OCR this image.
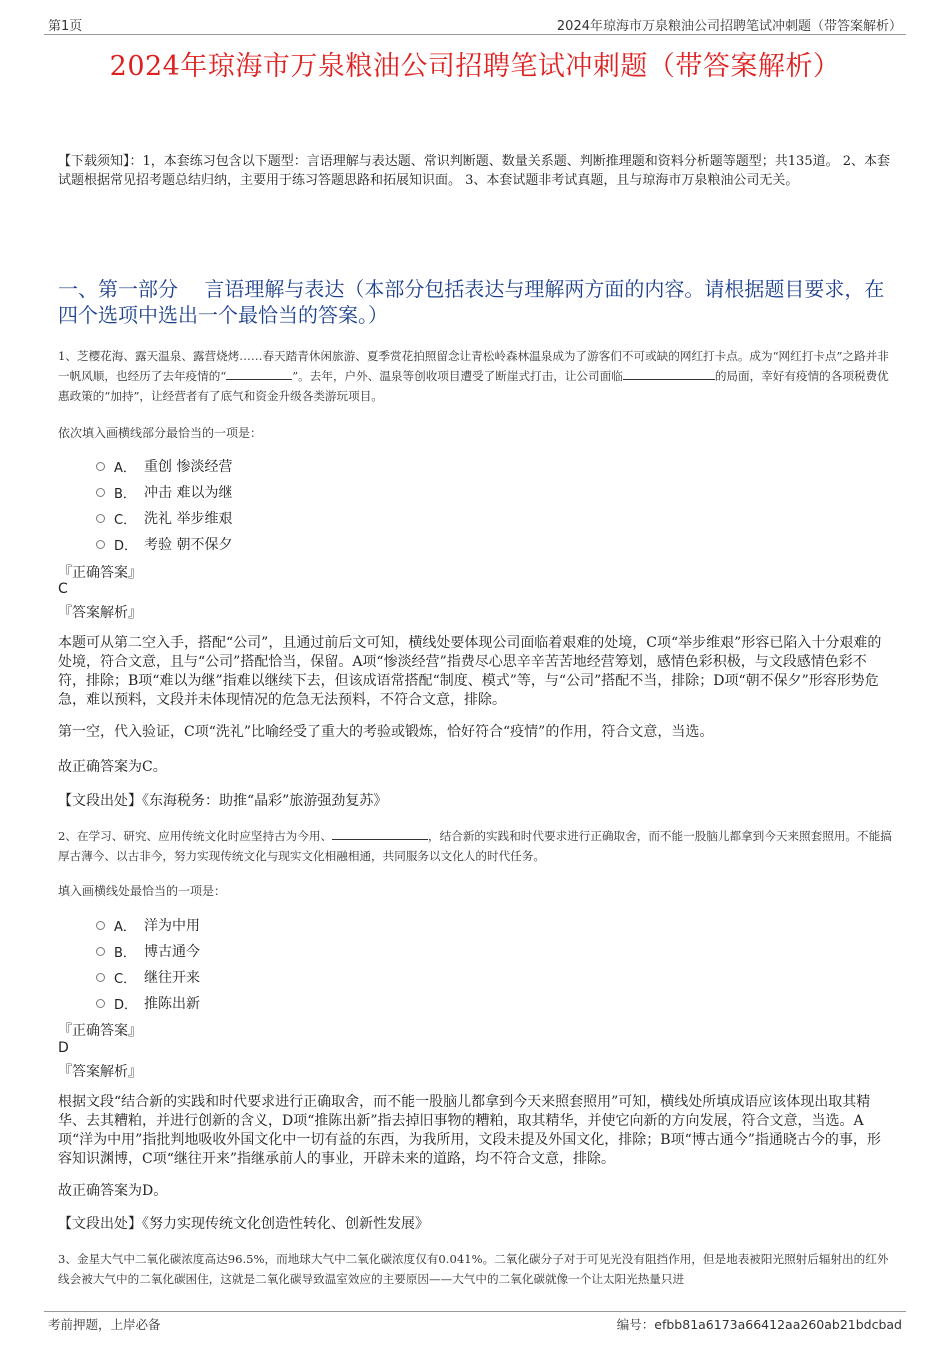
第1页	2024年琼海市万泉粮油公司招聘笔试冲刺题（带答案解析）
2024年琼海市万泉粮油公司招聘笔试冲刺题（带答案解析）
【下载须知】：1，本套练习包含以下题型：言语理解与表达题、常识判断题、数量关系题、判断推理题和资料分析题等题型；共135道。 2、本套试题根据常见招考题总结归纳，主要用于练习答题思路和拓展知识面。 3、本套试题非考试真题，且与琼海市万泉粮油公司无关。
一、第一部分　 言语理解与表达（本部分包括表达与理解两方面的内容。请根据题目要求，在四个选项中选出一个最恰当的答案。）
1、芝樱花海、露天温泉、露营烧烤……春天踏青休闲旅游、夏季赏花拍照留念让青松岭森林温泉成为了游客们不可或缺的网红打卡点。成为“网红打卡点”之路并非一帆风顺，也经历了去年疫情的“	”。去年，户外、温泉等创收项目遭受了断崖式打击，让公司面临	的局面，幸好有疫情的各项税费优惠政策的“加持”，让经营者有了底气和资金升级各类游玩项目。
依次填入画横线部分最恰当的一项是：
A． 重创 惨淡经营
B． 冲击 难以为继
C． 洗礼 举步维艰
D． 考验 朝不保夕
『正确答案』
C
『答案解析』
本题可从第二空入手，搭配“公司”，且通过前后文可知，横线处要体现公司面临着艰难的处境，C项“举步维艰”形容已陷入十分艰难的处境，符合文意，且与“公司”搭配恰当，保留。A项“惨淡经营”指费尽心思辛辛苦苦地经营筹划，感情色彩积极，与文段感情色彩不符，排除；B项“难以为继”指难以继续下去，但该成语常搭配“制度、模式”等，与“公司”搭配不当，排除；D项“朝不保夕”形容形势危急，难以预料，文段并未体现情况的危急无法预料，不符合文意，排除。
第一空，代入验证，C项“洗礼”比喻经受了重大的考验或锻炼，恰好符合“疫情”的作用，符合文意，当选。
故正确答案为C。
【文段出处】《东海税务：助推“晶彩”旅游强劲复苏》
2、在学习、研究、应用传统文化时应坚持古为今用、	，结合新的实践和时代要求进行正确取舍，而不能一股脑儿都拿到今天来照套照用。不能搞厚古薄今、以古非今，努力实现传统文化与现实文化相融相通，共同服务以文化人的时代任务。
填入画横线处最恰当的一项是：
A． 洋为中用
B． 博古通今
C． 继往开来
D． 推陈出新
『正确答案』
D
『答案解析』
根据文段“结合新的实践和时代要求进行正确取舍，而不能一股脑儿都拿到今天来照套照用”可知，横线处所填成语应该体现出取其精华、去其糟粕，并进行创新的含义，D项“推陈出新”指去掉旧事物的糟粕，取其精华，并使它向新的方向发展，符合文意，当选。A项“洋为中用”指批判地吸收外国文化中一切有益的东西，为我所用，文段未提及外国文化，排除；B项“博古通今”指通晓古今的事，形容知识渊博，C项“继往开来”指继承前人的事业，开辟未来的道路，均不符合文意，排除。
故正确答案为D。
【文段出处】《努力实现传统文化创造性转化、创新性发展》
3、金星大气中二氧化碳浓度高达96.5%，而地球大气中二氧化碳浓度仅有0.041%。二氧化碳分子对于可见光没有阻挡作用，但是地表被阳光照射后辐射出的红外线会被大气中的二氧化碳困住，这就是二氧化碳导致温室效应的主要原因——大气中的二氧化碳就像一个让太阳光热量只进
考前押题，上岸必备	编号：efbb81a6173a66412aa260ab21bdcbad
